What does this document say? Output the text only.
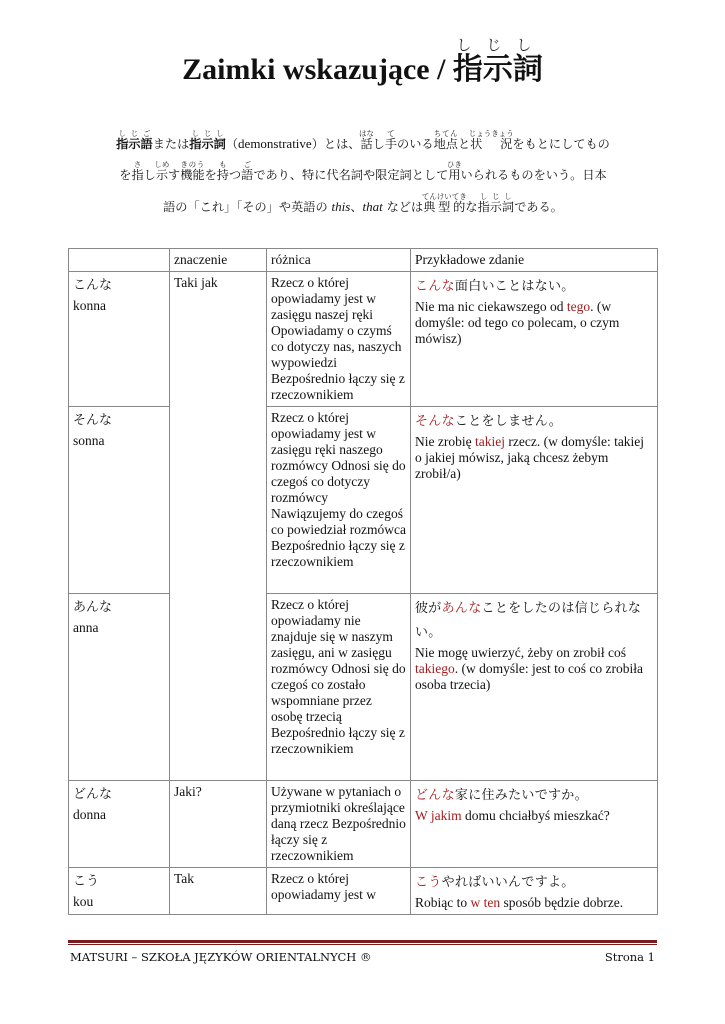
Zaimki wskazujące / 指示詞しじし
指示語しじごまたは指示詞しじし（demonstrative）とは、話はなし手てのいる地点ちてんと状　況じょうきょうをもとにしてもの
を指さし示しめす機能きのうを持もつ語ごであり、特に代名詞や限定詞として用ひきいられるものをいう。日本
語の「これ」「その」や英語の this、that などは典型的てんけいてきな指示詞しじしである。
	znaczenie	różnica	Przykładowe zdanie

こんな
konna	Taki jak	Rzecz o której opowiadamy jest w zasięgu naszej ręki Opowiadamy o czymś co dotyczy nas, naszych wypowiedzi Bezpośrednio łączy się z rzeczownikiem	こんな面白いことはない。
Nie ma nic ciekawszego od tego. (w domyśle: od tego co polecam, o czym mówisz)

そんな
sonna		Rzecz o której opowiadamy jest w zasięgu ręki naszego rozmówcy Odnosi się do czegoś co dotyczy rozmówcy Nawiązujemy do czegoś co powiedział rozmówca Bezpośrednio łączy się z rzeczownikiem	そんなことをしません。
Nie zrobię takiej rzecz. (w domyśle: takiej o jakiej mówisz, jaką chcesz żebym zrobił/a)

あんな
anna		Rzecz o której opowiadamy nie znajduje się w naszym zasięgu, ani w zasięgu rozmówcy Odnosi się do czegoś co zostało wspomniane przez osobę trzecią Bezpośrednio łączy się z rzeczownikiem	彼があんなことをしたのは信じられない。
Nie mogę uwierzyć, żeby on zrobił coś takiego. (w domyśle: jest to coś co zrobiła osoba trzecia)

どんな
donna	Jaki?	Używane w pytaniach o przymiotniki określające daną rzecz Bezpośrednio łączy się z rzeczownikiem	どんな家に住みたいですか。
W jakim domu chciałbyś mieszkać?

こう
kou	Tak	Rzecz o której opowiadamy jest w	こうやればいいんですよ。
Robiąc to w ten sposób będzie dobrze.
MATSURI – SZKOŁA JĘZYKÓW ORIENTALNYCH ®	Strona 1
